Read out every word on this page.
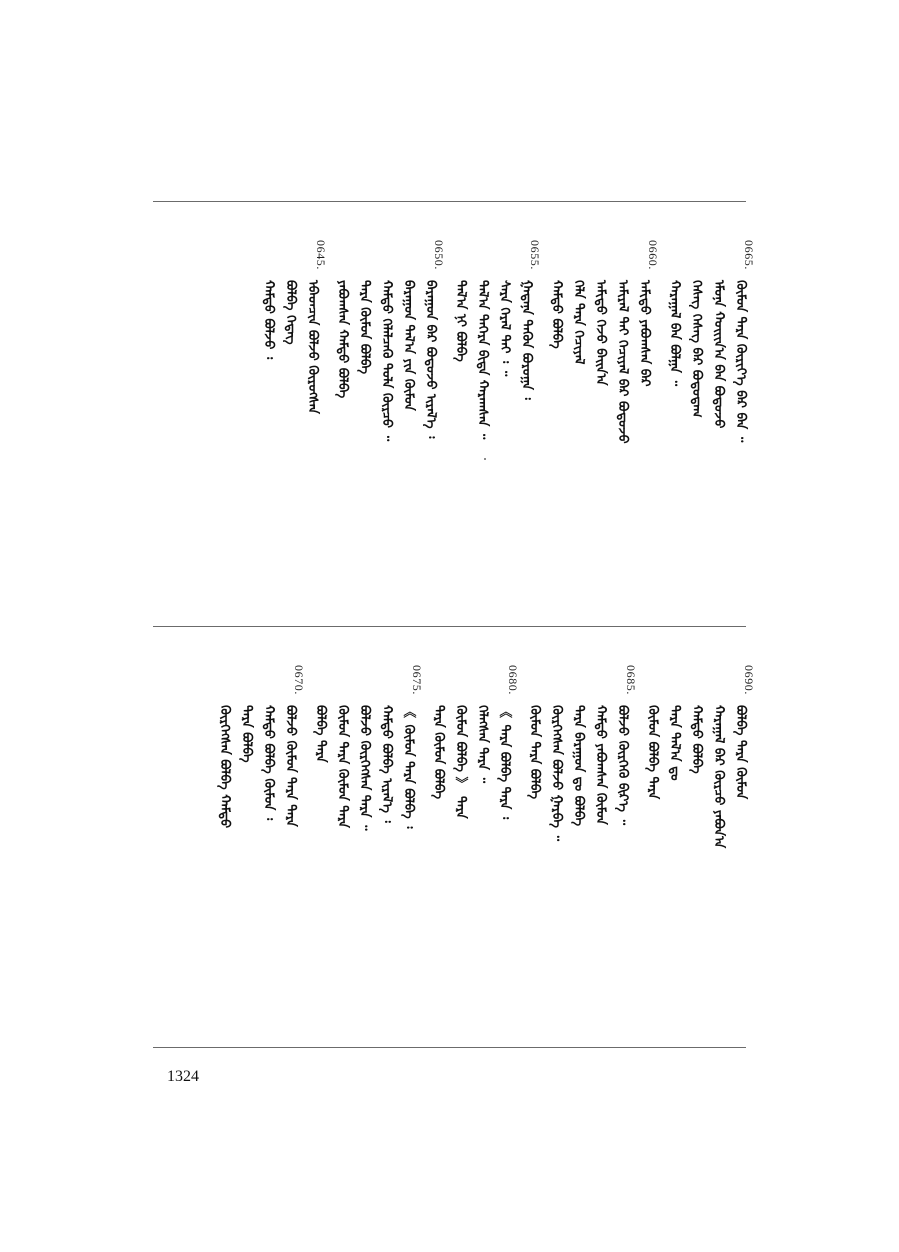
0665.
ᠬᠦᠮᠦᠨ ᠲᠡᠷᠡ ᠬᠦᠷᠢᠶ᠎ᠡ ᠪᠡᠷ ᠪᠠᠨ ᠃
ᠡᠮᠦᠨᠡ ᠬᠣᠢᠢᠨ᠎ᠠ ᠪᠠᠨ ᠪᠣᠳᠣᠵᠤ
ᠬᠡᠰᠡᠭ ᠬᠡᠰᠡᠭ ᠪᠡᠷ ᠪᠣᠳᠣᠳᠠᠭ
ᠬᠠᠷᠠᠭᠠᠯ ᠪᠡᠨ ᠪᠣᠯᠭᠠ ᠃
0660.
ᠠᠮᠢᠳᠤ ᠶᠠᠪᠤᠭᠰᠠᠨ ᠪᠡᠷ
ᠠᠮᠢᠷᠠᠯ ᠲᠠᠢ ᠬᠡᠴᠢᠶᠡᠯ ᠪᠡᠷ ᠪᠣᠳᠣᠵᠤ
ᠠᠮᠢᠳᠤ ᠭᠡᠵᠦ ᠪᠠᠢᠨ᠎ᠠ
ᠬᠡᠯᠡ ᠲᠡᠷᠡ ᠬᠡᠴᠢᠶᠡᠯ
ᠬᠠᠮᠲᠤ ᠪᠣᠯᠪᠠ
0655.
ᠭᠠᠳᠠᠨᠠ ᠲᠡᠭᠦᠨ ᠪᠣᠷᠣᠭᠠ ᠄
ᠰᠠᠷᠠ ᠭᠡᠷᠡᠯ ᠲᠡᠢ ᠄ ᠃
ᠲᠠᠯ᠎ᠠ ᠳᠡᠭᠡᠷᠡ ᠪᠢᠳᠡ ᠬᠠᠷᠠᠭᠰᠠᠨ ᠃
ᠲᠠᠯ᠎ᠠ ᠨᠢ ᠪᠣᠯᠪᠠ
0650.
ᠪᠠᠷᠠᠭᠤᠨ ᠪᠡᠷ ᠪᠣᠳᠣᠵᠤ ᠢᠷᠡᠯ᠎ᠡ ᠄
ᠪᠠᠷᠠᠭᠤᠨ ᠲᠠᠯ᠎ᠠ ᠶᠢᠨ ᠬᠦᠮᠦᠨ
ᠬᠠᠮᠲᠤ ᠬᠡᠯᠡᠯᠴᠡᠬᠦ ᠲᠤᠯᠠ ᠬᠦᠷᠴᠦ ᠃
ᠲᠡᠷᠡ ᠬᠦᠮᠦᠨ ᠪᠣᠯᠪᠠ
ᠶᠠᠪᠤᠭᠰᠠᠨ ᠬᠠᠮᠲᠤ ᠪᠣᠯᠪᠠ
0645.
ᠡᠪᠡᠳᠴᠢᠨ ᠪᠣᠯᠵᠤ ᠬᠦᠷᠦᠭᠰᠡᠨ
ᠪᠣᠯᠪᠠ ᠭᠡᠳᠡᠭ
ᠬᠠᠮᠲᠤ ᠪᠣᠯᠵᠤ ᠄
0690.
ᠪᠣᠯᠪᠠ ᠲᠡᠷᠡ ᠬᠦᠮᠦᠨ
ᠬᠠᠷᠠᠭᠠᠯ ᠪᠡᠷ ᠬᠦᠷᠴᠦ ᠶᠠᠪᠤᠨ᠎ᠠ
ᠬᠠᠮᠲᠤ ᠪᠣᠯᠪᠠ
ᠲᠡᠷᠡ ᠲᠠᠯ᠎ᠠ ᠳᠤ
ᠬᠦᠮᠦᠨ ᠪᠣᠯᠪᠠ ᠲᠡᠷᠡ
0685.
ᠪᠣᠯᠵᠤ ᠬᠦᠷᠭᠡᠬᠦ ᠪᠢᠷ᠎ᠡ ᠃
ᠬᠠᠮᠲᠤ ᠶᠠᠪᠤᠭᠰᠠᠨ ᠬᠦᠮᠦᠨ
ᠲᠡᠷᠡ ᠪᠠᠷᠠᠭᠤᠨ ᠳᠤ ᠪᠣᠯᠪᠠ
ᠬᠦᠷᠭᠡᠭᠰᠡᠨ ᠪᠣᠯᠵᠤ ᠭᠠᠷᠪᠠ ᠃
ᠬᠦᠮᠦᠨ ᠲᠡᠷᠡ ᠪᠣᠯᠪᠠ
0680.
《 ᠲᠡᠷᠡ ᠪᠣᠯᠪᠠ ᠲᠡᠷᠡ ᠄
ᠬᠡᠯᠡᠭᠰᠡᠨ ᠲᠡᠷᠡ ᠃
ᠬᠦᠮᠦᠨ ᠪᠣᠯᠪᠠ 》 ᠲᠡᠷᠡ
ᠲᠡᠷᠡ ᠬᠦᠮᠦᠨ ᠪᠣᠯᠪᠠ
0675.
《 ᠬᠦᠮᠦᠨ ᠲᠡᠷᠡ ᠪᠣᠯᠪᠠ ᠄
ᠬᠠᠮᠲᠤ ᠪᠣᠯᠪᠠ ᠢᠷᠡᠯ᠎ᠡ ᠄
ᠪᠣᠯᠵᠤ ᠬᠦᠷᠭᠡᠭᠰᠡᠨ ᠲᠡᠷᠡ ᠃
ᠬᠦᠮᠦᠨ ᠲᠡᠷᠡ ᠬᠦᠮᠦᠨ ᠲᠡᠷᠡ
ᠪᠣᠯᠪᠠ ᠲᠡᠷᠡ
0670.
ᠪᠣᠯᠵᠤ ᠬᠦᠮᠦᠨ ᠲᠡᠷᠡ ᠲᠡᠷᠡ
ᠬᠠᠮᠲᠤ ᠪᠣᠯᠪᠠ ᠬᠦᠮᠦᠨ ᠄
ᠲᠡᠷᠡ ᠪᠣᠯᠪᠠ
ᠬᠦᠷᠭᠡᠭᠰᠡᠨ ᠪᠣᠯᠪᠠ ᠬᠠᠮᠲᠤ
1324
